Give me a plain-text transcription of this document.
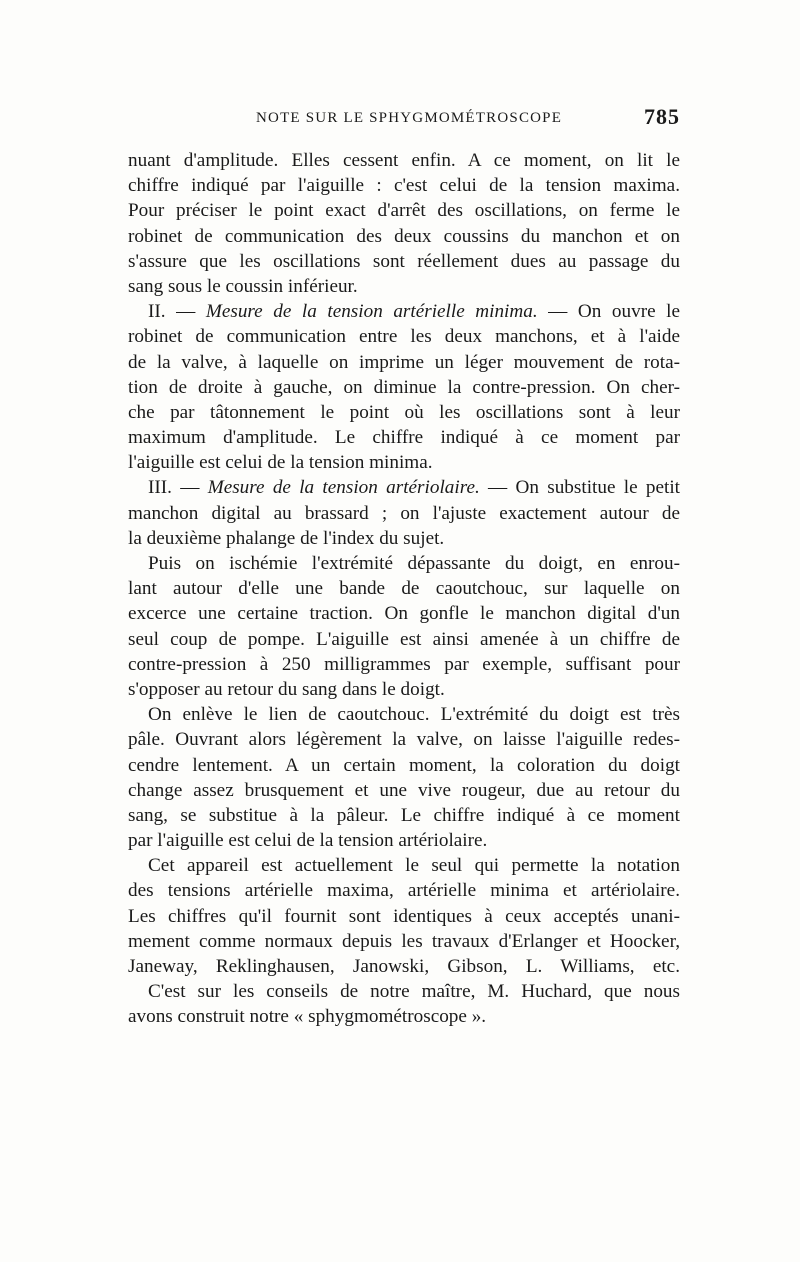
NOTE SUR LE SPHYGMOMÉTROSCOPE	785
nuant d'amplitude. Elles cessent enfin. A ce moment, on lit le
chiffre indiqué par l'aiguille : c'est celui de la tension maxima.
Pour préciser le point exact d'arrêt des oscillations, on ferme le
robinet de communication des deux coussins du manchon et on
s'assure que les oscillations sont réellement dues au passage du
sang sous le coussin inférieur.
II. — Mesure de la tension artérielle minima. — On ouvre le
robinet de communication entre les deux manchons, et à l'aide
de la valve, à laquelle on imprime un léger mouvement de rota-
tion de droite à gauche, on diminue la contre-pression. On cher-
che par tâtonnement le point où les oscillations sont à leur
maximum d'amplitude. Le chiffre indiqué à ce moment par
l'aiguille est celui de la tension minima.
III. — Mesure de la tension artériolaire. — On substitue le petit
manchon digital au brassard ; on l'ajuste exactement autour de
la deuxième phalange de l'index du sujet.
Puis on ischémie l'extrémité dépassante du doigt, en enrou-
lant autour d'elle une bande de caoutchouc, sur laquelle on
excerce une certaine traction. On gonfle le manchon digital d'un
seul coup de pompe. L'aiguille est ainsi amenée à un chiffre de
contre-pression à 250 milligrammes par exemple, suffisant pour
s'opposer au retour du sang dans le doigt.
On enlève le lien de caoutchouc. L'extrémité du doigt est très
pâle. Ouvrant alors légèrement la valve, on laisse l'aiguille redes-
cendre lentement. A un certain moment, la coloration du doigt
change assez brusquement et une vive rougeur, due au retour du
sang, se substitue à la pâleur. Le chiffre indiqué à ce moment
par l'aiguille est celui de la tension artériolaire.
Cet appareil est actuellement le seul qui permette la notation
des tensions artérielle maxima, artérielle minima et artériolaire.
Les chiffres qu'il fournit sont identiques à ceux acceptés unani-
mement comme normaux depuis les travaux d'Erlanger et Hoocker,
Janeway, Reklinghausen, Janowski, Gibson, L. Williams, etc.
C'est sur les conseils de notre maître, M. Huchard, que nous
avons construit notre « sphygmométroscope ».
